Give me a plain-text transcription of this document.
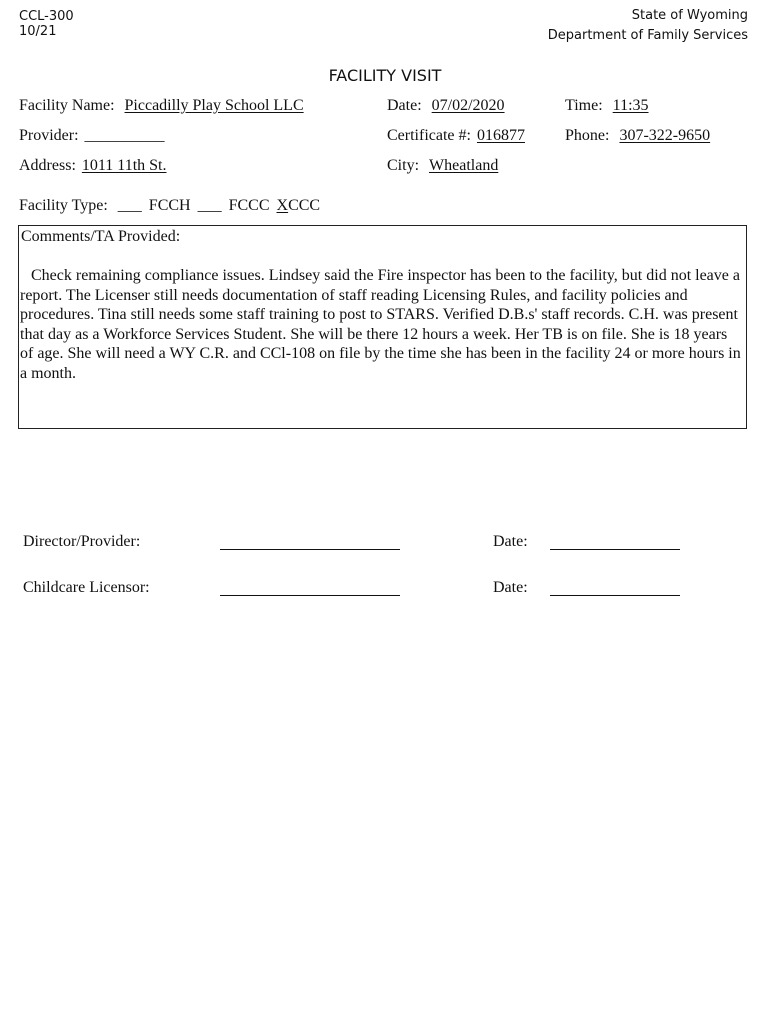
CCL-300
10/21
State of Wyoming
Department of Family Services
FACILITY VISIT
Facility Name: Piccadilly Play School LLC	Date: 07/02/2020	Time: 11:35
Provider: __________	Certificate #: 016877	Phone: 307-322-9650
Address: 1011 11th St.	City: Wheatland
Facility Type: ___ FCCH ___ FCCC XCCC
Comments/TA Provided:
Check remaining compliance issues. Lindsey said the Fire inspector has been to the facility, but did not leave a report. The Licenser still needs documentation of staff reading Licensing Rules, and facility policies and procedures. Tina still needs some staff training to post to STARS. Verified D.B.s' staff records. C.H. was present that day as a Workforce Services Student. She will be there 12 hours a week. Her TB is on file. She is 18 years of age. She will need a WY C.R. and CCl-108 on file by the time she has been in the facility 24 or more hours in a month.
Director/Provider:	Date:
Childcare Licensor:	Date:
